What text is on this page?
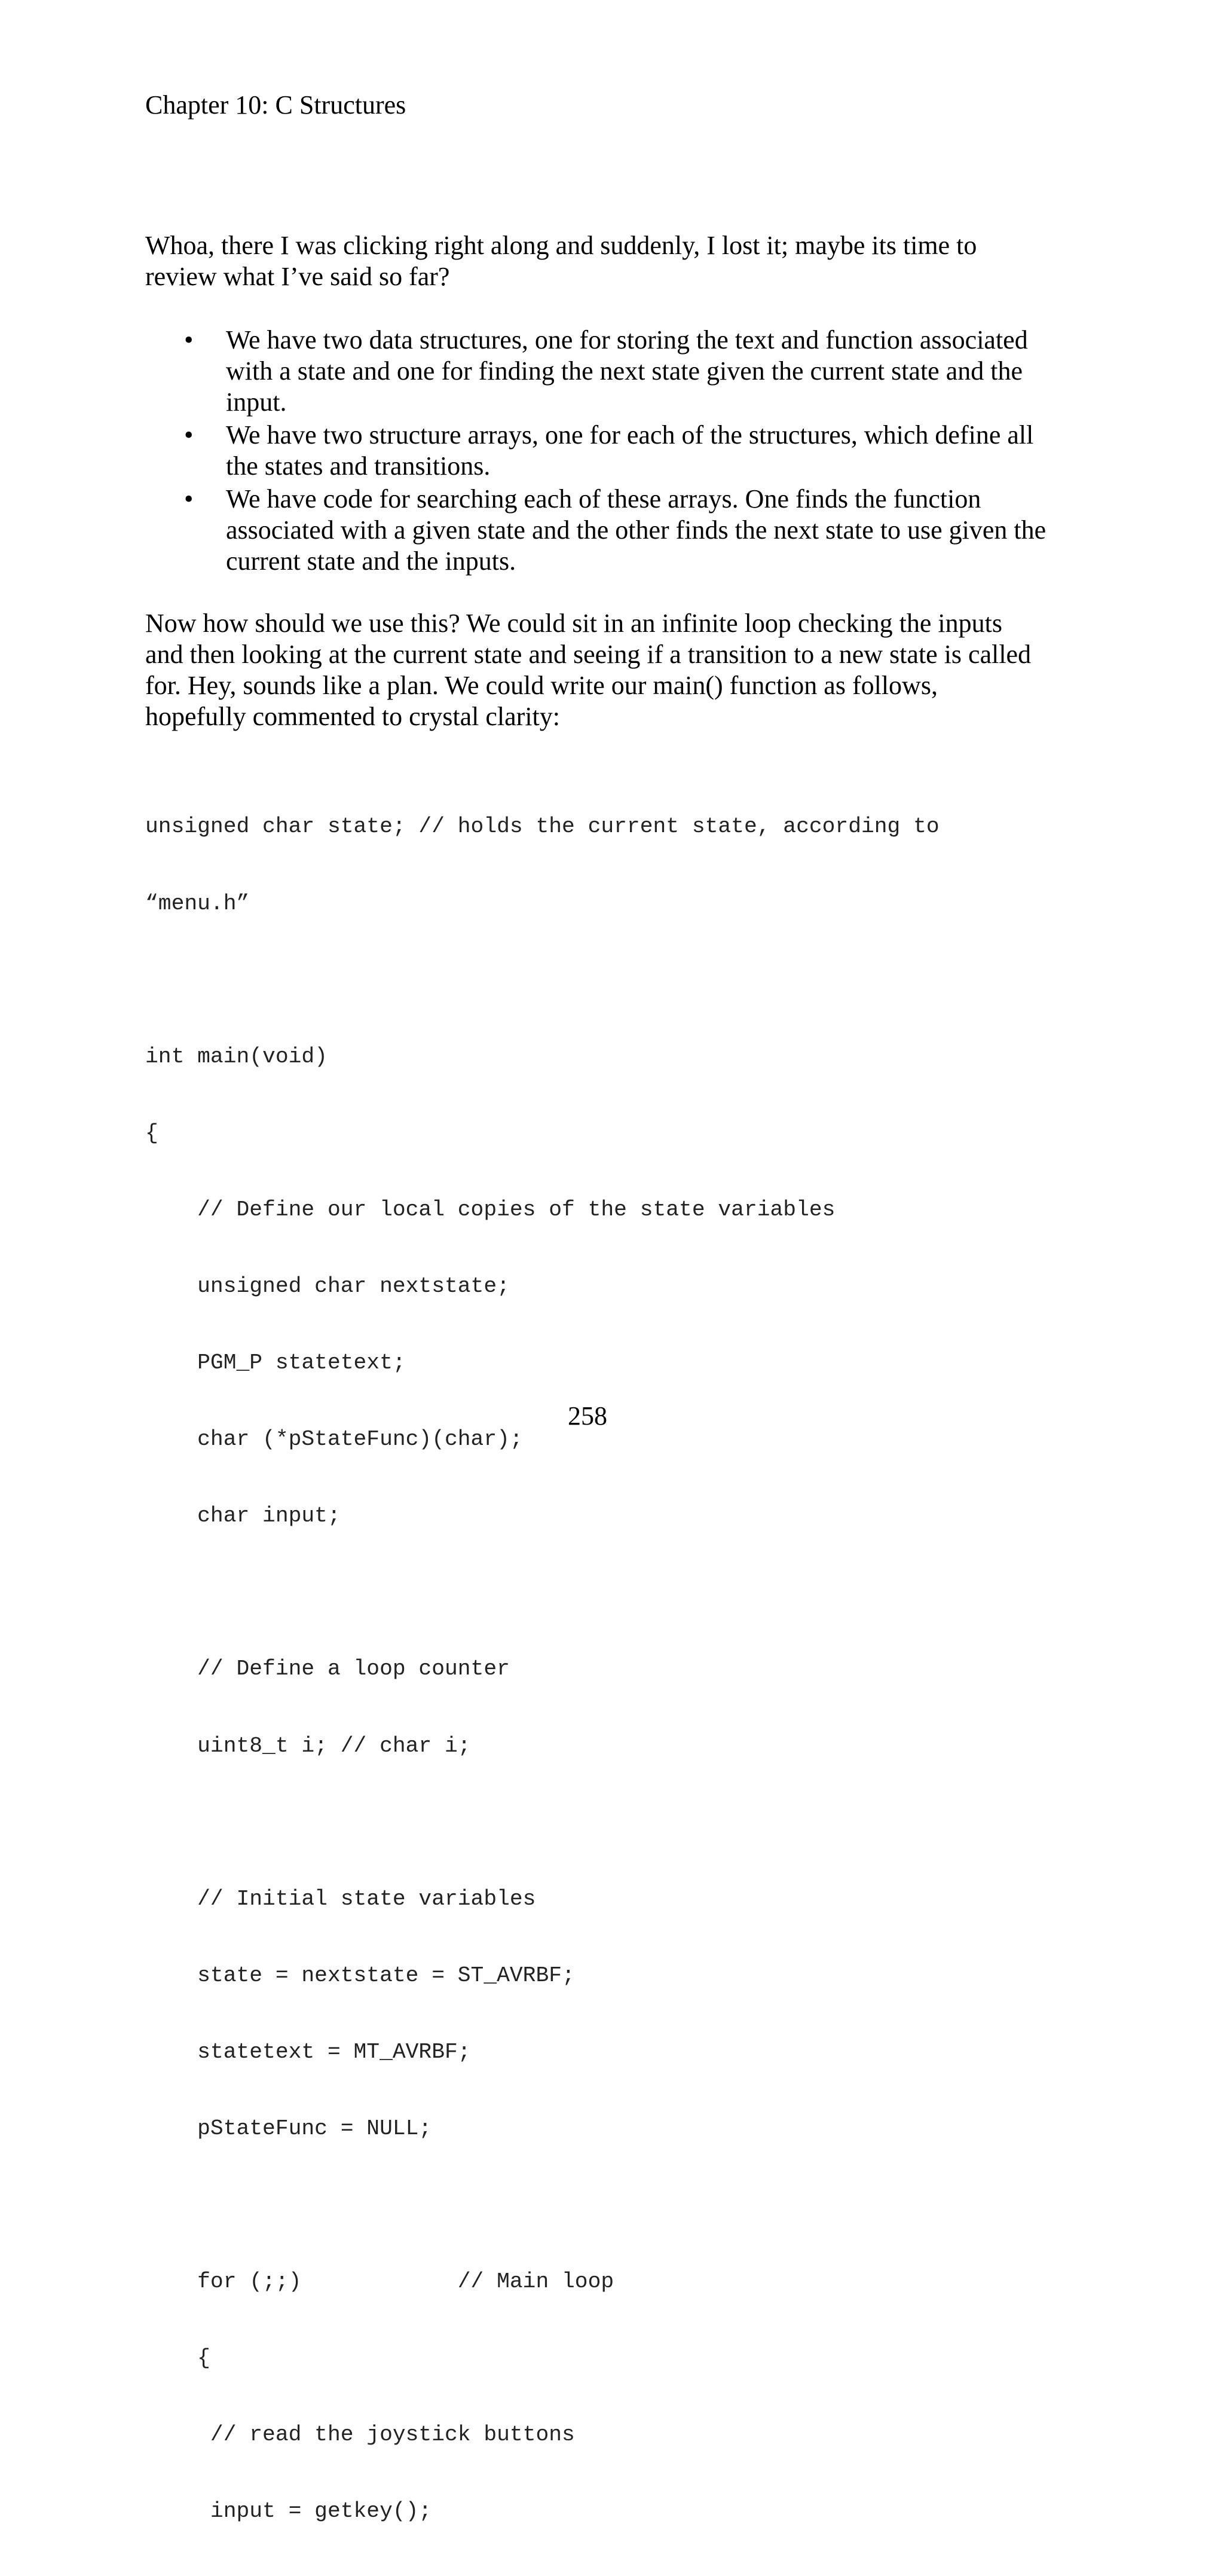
Chapter 10: C Structures

Whoa, there I was clicking right along and suddenly, I lost it; maybe its time to review what I’ve said so far?

• We have two data structures, one for storing the text and function associated with a state and one for finding the next state given the current state and the input.
• We have two structure arrays, one for each of the structures, which define all the states and transitions.
• We have code for searching each of these arrays. One finds the function associated with a given state and the other finds the next state to use given the current state and the inputs.

Now how should we use this? We could sit in an infinite loop checking the inputs and then looking at the current state and seeing if a transition to a new state is called for. Hey, sounds like a plan. We could write our main() function as follows, hopefully commented to crystal clarity:

unsigned char state; // holds the current state, according to

“menu.h”

int main(void)

{

// Define our local copies of the state variables

unsigned char nextstate;

PGM_P statetext;

char (*pStateFunc)(char);

char input;

// Define a loop counter

uint8_t i; // char i;

// Initial state variables

state = nextstate = ST_AVRBF;

statetext = MT_AVRBF;

pStateFunc = NULL;

for (;;)            // Main loop

{

// read the joystick buttons

input = getkey();

258
